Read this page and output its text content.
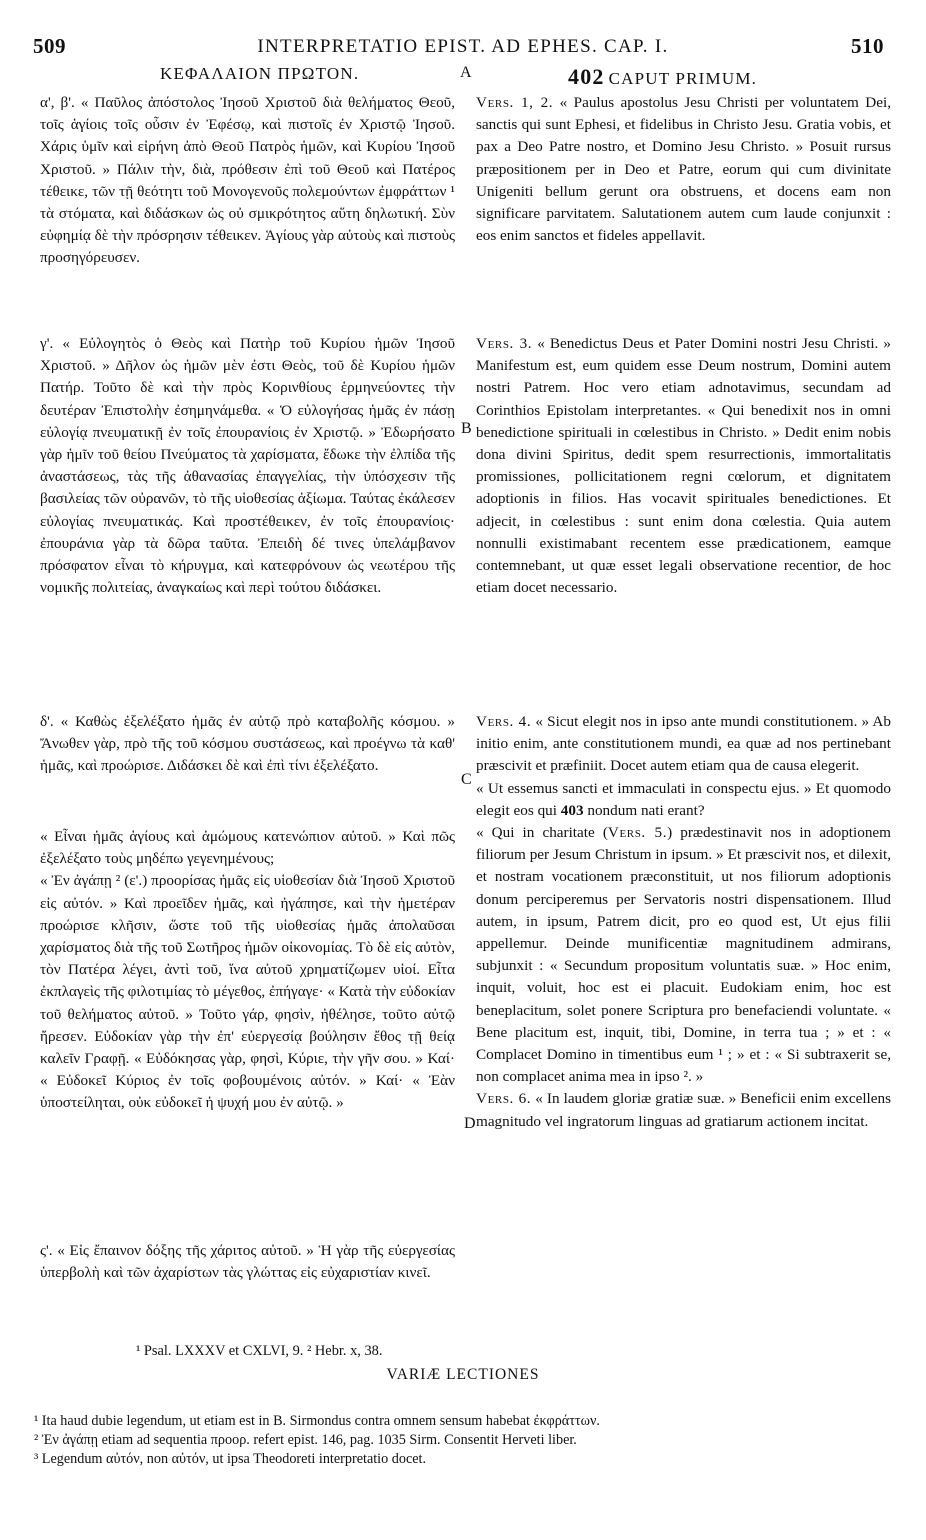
509	INTERPRETATIO EPIST. AD EPHES. CAP. I.	510
ΚΕΦΑΛΑΙΟΝ ΠΡΩΤΟΝ.	A	402 CAPUT PRIMUM.

α', β'. « Παῦλος ἀπόστολος Ἰησοῦ Χριστοῦ διὰ θελήματος Θεοῦ, τοῖς ἁγίοις τοῖς οὖσιν ἐν Ἐφέσῳ, καὶ πιστοῖς ἐν Χριστῷ Ἰησοῦ. Χάρις ὑμῖν καὶ εἰρήνη ἀπὸ Θεοῦ Πατρὸς ἡμῶν, καὶ Κυρίου Ἰησοῦ Χριστοῦ. » Πάλιν τὴν, διὰ, πρόθεσιν ἐπὶ τοῦ Θεοῦ καὶ Πατέρος τέθεικε, τῶν τῇ θεότητι τοῦ Μονογενοῦς πολεμούντων ἐμφράττων ¹ τὰ στόματα, καὶ διδάσκων ὡς οὐ σμικρότητος αὕτη δηλωτική. Σὺν εὐφημίᾳ δὲ τὴν πρόσρησιν τέθεικεν. Ἁγίους γὰρ αὐτοὺς καὶ πιστοὺς προσηγόρευσεν.

γ'. « Εὐλογητὸς ὁ Θεὸς καὶ Πατὴρ τοῦ Κυρίου ἡμῶν Ἰησοῦ Χριστοῦ. » Δῆλον ὡς ἡμῶν μὲν ἐστι Θεὸς, τοῦ δὲ Κυρίου ἡμῶν Πατήρ. Τοῦτο δὲ καὶ τὴν πρὸς Κορινθίους ἑρμηνεύοντες τὴν δευτέραν Ἐπιστολὴν ἐσημηνάμεθα. « Ὁ εὐλογήσας ἡμᾶς ἐν πάσῃ εὐλογίᾳ πνευματικῇ ἐν τοῖς ἐπουρανίοις ἐν Χριστῷ. » Ἐδωρήσατο γὰρ ἡμῖν τοῦ θείου Πνεύματος τὰ χαρίσματα, ἔδωκε τὴν ἐλπίδα τῆς ἀναστάσεως, τὰς τῆς ἀθανασίας ἐπαγγελίας, τὴν ὑπόσχεσιν τῆς βασιλείας τῶν οὐρανῶν, τὸ τῆς υἱοθεσίας ἀξίωμα. Ταύτας ἐκάλεσεν εὐλογίας πνευματικάς. Καὶ προστέθεικεν, ἐν τοῖς ἐπουρανίοις· ἐπουράνια γὰρ τὰ δῶρα ταῦτα. Ἐπειδὴ δέ τινες ὑπελάμβανον πρόσφατον εἶναι τὸ κήρυγμα, καὶ κατεφρόνουν ὡς νεωτέρου τῆς νομικῆς πολιτείας, ἀναγκαίως καὶ περὶ τούτου διδάσκει.

δ'. « Καθὼς ἐξελέξατο ἡμᾶς ἐν αὐτῷ πρὸ καταβολῆς κόσμου. » Ἄνωθεν γὰρ, πρὸ τῆς τοῦ κόσμου συστάσεως, καὶ προέγνω τὰ καθ' ἡμᾶς, καὶ προώρισε. Διδάσκει δὲ καὶ ἐπὶ τίνι ἐξελέξατο.

« Εἶναι ἡμᾶς ἁγίους καὶ ἀμώμους κατενώπιον αὐτοῦ. » Καὶ πῶς ἐξελέξατο τοὺς μηδέπω γεγενημένους;

« Ἐν ἀγάπῃ ² (ε'.) προορίσας ἡμᾶς εἰς υἱοθεσίαν διὰ Ἰησοῦ Χριστοῦ εἰς αὐτόν. » Καὶ προεῖδεν ἡμᾶς, καὶ ἠγάπησε, καὶ τὴν ἡμετέραν προώρισε κλῆσιν, ὥστε τοῦ τῆς υἱοθεσίας ἡμᾶς ἀπολαῦσαι χαρίσματος διὰ τῆς τοῦ Σωτῆρος ἡμῶν οἰκονομίας. Τὸ δὲ εἰς αὐτὸν, τὸν Πατέρα λέγει, ἀντὶ τοῦ, ἵνα αὐτοῦ χρηματίζωμεν υἱοί. Εἶτα ἐκπλαγεὶς τῆς φιλοτιμίας τὸ μέγεθος, ἐπήγαγε· « Κατὰ τὴν εὐδοκίαν τοῦ θελήματος αὐτοῦ. » Τοῦτο γάρ, φησὶν, ἠθέλησε, τοῦτο αὐτῷ ἤρεσεν. Εὐδοκίαν γὰρ τὴν ἐπ' εὐεργεσίᾳ βούλησιν ἔθος τῇ θείᾳ καλεῖν Γραφῇ. « Εὐδόκησας γὰρ, φησὶ, Κύριε, τὴν γῆν σου. » Καί· « Εὐδοκεῖ Κύριος ἐν τοῖς φοβουμένοις αὐτόν. » Καί· « Ἐὰν ὑποστείληται, οὐκ εὐδοκεῖ ἡ ψυχή μου ἐν αὐτῷ. »

ς'. « Εἰς ἔπαινον δόξης τῆς χάριτος αὐτοῦ. » Ἡ γὰρ τῆς εὐεργεσίας ὑπερβολὴ καὶ τῶν ἀχαρίστων τὰς γλώττας εἰς εὐχαριστίαν κινεῖ.

Vers. 1, 2. « Paulus apostolus Jesu Christi per voluntatem Dei, sanctis qui sunt Ephesi, et fidelibus in Christo Jesu. Gratia vobis, et pax a Deo Patre nostro, et Domino Jesu Christo. » Posuit rursus præpositionem per in Deo et Patre, eorum qui cum divinitate Unigeniti bellum gerunt ora obstruens, et docens eam non significare parvitatem. Salutationem autem cum laude conjunxit : eos enim sanctos et fideles appellavit.

Vers. 3. « Benedictus Deus et Pater Domini nostri Jesu Christi. » Manifestum est, eum quidem esse Deum nostrum, Domini autem nostri Patrem. Hoc vero etiam adnotavimus, secundam ad Corinthios Epistolam interpretantes. « Qui benedixit nos in omni benedictione spirituali in cœlestibus in Christo. » Dedit enim nobis dona divini Spiritus, dedit spem resurrectionis, immortalitatis promissiones, pollicitationem regni cœlorum, et dignitatem adoptionis in filios. Has vocavit spirituales benedictiones. Et adjecit, in cœlestibus : sunt enim dona cœlestia. Quia autem nonnulli existimabant recentem esse prædicationem, eamque contemnebant, ut quæ esset legali observatione recentior, de hoc etiam docet necessario.

Vers. 4. « Sicut elegit nos in ipso ante mundi constitutionem. » Ab initio enim, ante constitutionem mundi, ea quæ ad nos pertinebant præscivit et præfiniit. Docet autem etiam qua de causa elegerit.

« Ut essemus sancti et immaculati in conspectu ejus. » Et quomodo elegit eos qui 403 nondum nati erant?

« Qui in charitate (Vers. 5.) prædestinavit nos in adoptionem filiorum per Jesum Christum in ipsum. » Et præscivit nos, et dilexit, et nostram vocationem præconstituit, ut nos filiorum adoptionis donum perciperemus per Servatoris nostri dispensationem. Illud autem, in ipsum, Patrem dicit, pro eo quod est, Ut ejus filii appellemur. Deinde munificentiæ magnitudinem admirans, subjunxit : « Secundum propositum voluntatis suæ. » Hoc enim, inquit, voluit, hoc est ei placuit. Eudokiam enim, hoc est beneplacitum, solet ponere Scriptura pro benefaciendi voluntate. « Bene placitum est, inquit, tibi, Domine, in terra tua ; » et : « Complacet Domino in timentibus eum ¹ ; » et : « Si subtraxerit se, non complacet anima mea in ipso ². »

Vers. 6. « In laudem gloriæ gratiæ suæ. » Beneficii enim excellens magnitudo vel ingratorum linguas ad gratiarum actionem incitat.

B
C
D
¹ Psal. LXXXV et CXLVI, 9. ² Hebr. x, 38.
VARIÆ LECTIONES
¹ Ita haud dubie legendum, ut etiam est in B. Sirmondus contra omnem sensum habebat ἐκφράττων.
² Ἐν ἀγάπῃ etiam ad sequentia προορ. refert epist. 146, pag. 1035 Sirm. Consentit Herveti liber.
³ Legendum αὐτόν, non αὐτόν, ut ipsa Theodoreti interpretatio docet.
